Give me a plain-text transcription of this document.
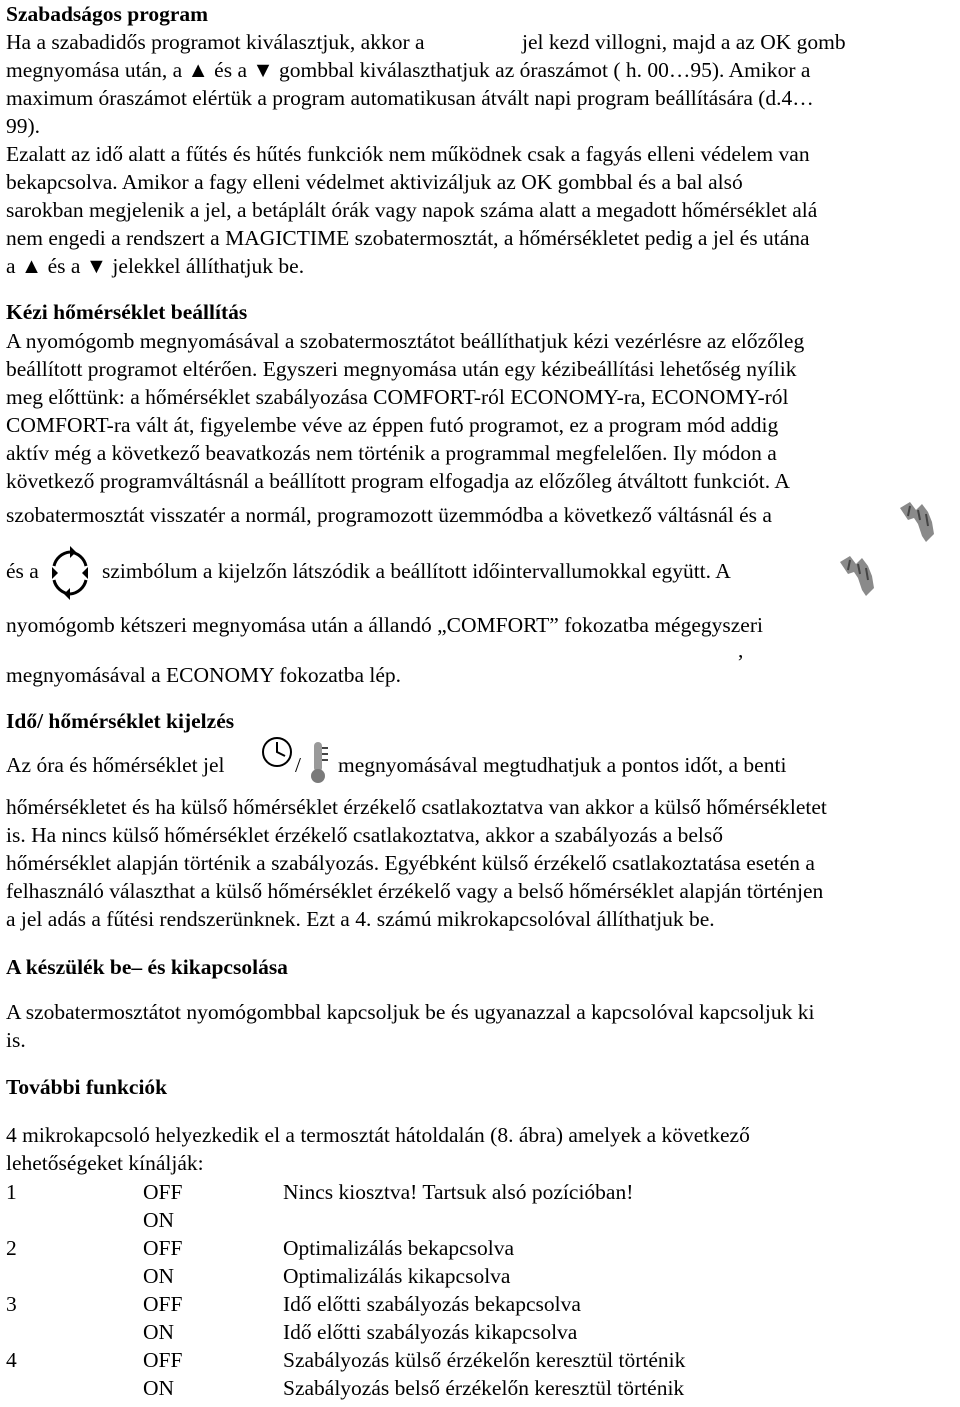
Szabadságos program
Ha a szabadidős programot kiválasztjuk, akkor a	jel kezd villogni, majd a az OK gomb
megnyomása után, a ▲ és a ▼ gombbal kiválaszthatjuk az óraszámot ( h. 00…95). Amikor a
maximum óraszámot elértük a program automatikusan átvált napi program beállítására (d.4…
99).
Ezalatt az idő alatt a fűtés és hűtés funkciók nem működnek csak a fagyás elleni védelem van
bekapcsolva. Amikor a fagy elleni védelmet aktivizáljuk az OK gombbal és a bal alsó
sarokban megjelenik a jel, a betáplált órák vagy napok száma alatt a megadott hőmérséklet alá
nem engedi a rendszert a MAGICTIME szobatermosztát, a hőmérsékletet pedig a jel és utána
a ▲ és a ▼ jelekkel állíthatjuk be.
Kézi hőmérséklet beállítás
A nyomógomb megnyomásával a szobatermosztátot beállíthatjuk kézi vezérlésre az előzőleg
beállított programot eltérően. Egyszeri megnyomása után egy kézibeállítási lehetőség nyílik
meg előttünk: a hőmérséklet szabályozása COMFORT-ról ECONOMY-ra, ECONOMY-ról
COMFORT-ra vált át, figyelembe véve az éppen futó programot, ez a program mód addig
aktív még a következő beavatkozás nem történik a programmal megfelelően. Ily módon a
következő programváltásnál a beállított program elfogadja az előzőleg átváltott funkciót. A
szobatermosztát visszatér a normál, programozott üzemmódba a következő váltásnál és a
és a	szimbólum a kijelzőn látszódik a beállított időintervallumokkal együtt. A
nyomógomb kétszeri megnyomása után a állandó „COMFORT” fokozatba mégegyszeri
,
megnyomásával a ECONOMY fokozatba lép.
Idő/ hőmérséklet kijelzés
Az óra és hőmérséklet jel	/ megnyomásával megtudhatjuk a pontos időt, a benti
hőmérsékletet és ha külső hőmérséklet érzékelő csatlakoztatva van akkor a külső hőmérsékletet
is. Ha nincs külső hőmérséklet érzékelő csatlakoztatva, akkor a szabályozás a belső
hőmérséklet alapján történik a szabályozás. Egyébként külső érzékelő csatlakoztatása esetén a
felhasználó választhat a külső hőmérséklet érzékelő vagy a belső hőmérséklet alapján történjen
a jel adás a fűtési rendszerünknek. Ezt a 4. számú mikrokapcsolóval állíthatjuk be.
A készülék be– és kikapcsolása
A szobatermosztátot nyomógombbal kapcsoljuk be és ugyanazzal a kapcsolóval kapcsoljuk ki
is.
További funkciók
4 mikrokapcsoló helyezkedik el a termosztát hátoldalán (8. ábra) amelyek a következő
lehetőségeket kínálják:
1	OFF	Nincs kiosztva! Tartsuk alsó pozícióban!
ON
2	OFF	Optimalizálás bekapcsolva
ON	Optimalizálás kikapcsolva
3	OFF	Idő előtti szabályozás bekapcsolva
ON	Idő előtti szabályozás kikapcsolva
4	OFF	Szabályozás külső érzékelőn keresztül történik
ON	Szabályozás belső érzékelőn keresztül történik
